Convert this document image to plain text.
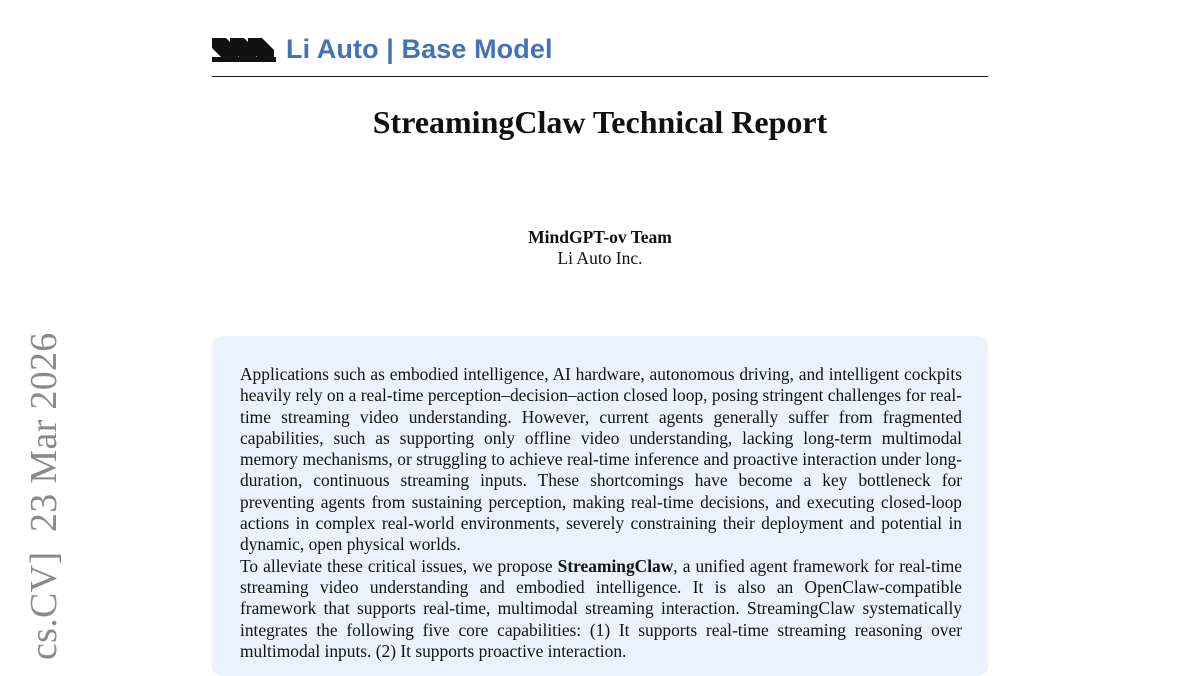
Li Auto | Base Model
StreamingClaw Technical Report
MindGPT-ov Team
Li Auto Inc.
cs.CV]  23 Mar 2026	Applications such as embodied intelligence, AI hardware, autonomous driving, and intelligent cockpits heavily rely on a real-time perception–decision–action closed loop, posing stringent challenges for real-time streaming video understanding. However, current agents generally suffer from fragmented capabilities, such as supporting only offline video understanding, lacking long-term multimodal memory mechanisms, or struggling to achieve real-time inference and proactive interaction under long-duration, continuous streaming inputs. These shortcomings have become a key bottleneck for preventing agents from sustaining perception, making real-time decisions, and executing closed-loop actions in complex real-world environments, severely constraining their deployment and potential in dynamic, open physical worlds.

To alleviate these critical issues, we propose StreamingClaw, a unified agent framework for real-time streaming video understanding and embodied intelligence. It is also an OpenClaw-compatible framework that supports real-time, multimodal streaming interaction. StreamingClaw systematically integrates the following five core capabilities: (1) It supports real-time streaming reasoning over multimodal inputs. (2) It supports proactive interaction.
